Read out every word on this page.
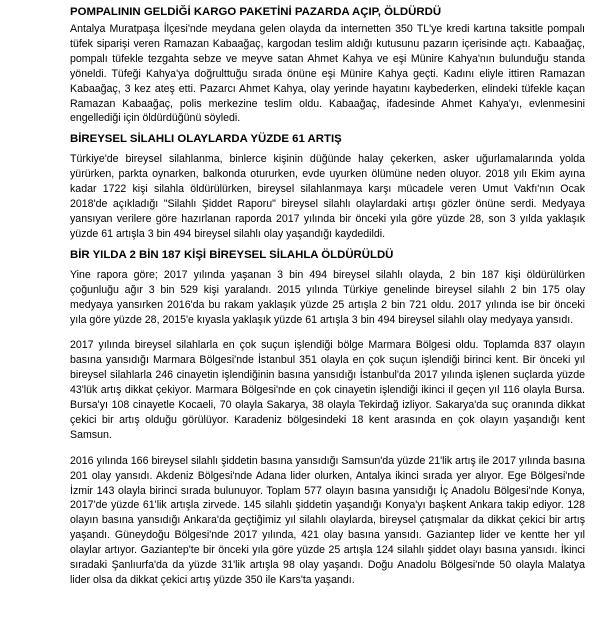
POMPALININ GELDİĞİ KARGO PAKETİNİ PAZARDA AÇIP, ÖLDÜRDÜ

Antalya Muratpaşa İlçesi'nde meydana gelen olayda da internetten 350 TL'ye kredi kartına taksitle pompalı tüfek siparişi veren Ramazan Kabaağaç, kargodan teslim aldığı kutusunu pazarın içerisinde açtı. Kabaağaç, pompalı tüfekle tezgahta sebze ve meyve satan Ahmet Kahya ve eşi Münire Kahya'nın bulunduğu standa yöneldi. Tüfeği Kahya'ya doğrulttuğu sırada önüne eşi Münire Kahya geçti. Kadını eliyle ittiren Ramazan Kabaağaç, 3 kez ateş etti. Pazarcı Ahmet Kahya, olay yerinde hayatını kaybederken, elindeki tüfekle kaçan Ramazan Kabaağaç, polis merkezine teslim oldu. Kabaağaç, ifadesinde Ahmet Kahya'yı, evlenmesini engellediği için öldürdüğünü söyledi.

BİREYSEL SİLAHLI OLAYLARDA YÜZDE 61 ARTIŞ

Türkiye'de bireysel silahlanma, binlerce kişinin düğünde halay çekerken, asker uğurlamalarında yolda yürürken, parkta oynarken, balkonda otururken, evde uyurken ölümüne neden oluyor. 2018 yılı Ekim ayına kadar 1722 kişi silahla öldürülürken, bireysel silahlanmaya karşı mücadele veren Umut Vakfı'nın Ocak 2018'de açıkladığı "Silahlı Şiddet Raporu" bireysel silahlı olaylardaki artışı gözler önüne serdi. Medyaya yansıyan verilere göre hazırlanan raporda 2017 yılında bir önceki yıla göre yüzde 28, son 3 yılda yaklaşık yüzde 61 artışla 3 bin 494 bireysel silahlı olay yaşandığı kaydedildi.

BİR YILDA 2 BİN 187 KİŞİ BİREYSEL SİLAHLA ÖLDÜRÜLDÜ

Yine rapora göre; 2017 yılında yaşanan 3 bin 494 bireysel silahlı olayda, 2 bin 187 kişi öldürülürken çoğunluğu ağır 3 bin 529 kişi yaralandı. 2015 yılında Türkiye genelinde bireysel silahlı 2 bin 175 olay medyaya yansırken 2016'da bu rakam yaklaşık yüzde 25 artışla 2 bin 721 oldu. 2017 yılında ise bir önceki yıla göre yüzde 28, 2015'e kıyasla yaklaşık yüzde 61 artışla 3 bin 494 bireysel silahlı olay medyaya yansıdı.

2017 yılında bireysel silahlarla en çok suçun işlendiği bölge Marmara Bölgesi oldu. Toplamda 837 olayın basına yansıdığı Marmara Bölgesi'nde İstanbul 351 olayla en çok suçun işlendiği birinci kent. Bir önceki yıl bireysel silahlarla 246 cinayetin işlendiğinin basına yansıdığı İstanbul'da 2017 yılında işlenen suçlarda yüzde 43'lük artış dikkat çekiyor. Marmara Bölgesi'nde en çok cinayetin işlendiği ikinci il geçen yıl 116 olayla Bursa. Bursa'yı 108 cinayetle Kocaeli, 70 olayla Sakarya, 38 olayla Tekirdağ izliyor. Sakarya'da suç oranında dikkat çekici bir artış olduğu görülüyor. Karadeniz bölgesindeki 18 kent arasında en çok olayın yaşandığı kent Samsun.

2016 yılında 166 bireysel silahlı şiddetin basına yansıdığı Samsun'da yüzde 21'lik artış ile 2017 yılında basına 201 olay yansıdı. Akdeniz Bölgesi'nde Adana lider olurken, Antalya ikinci sırada yer alıyor. Ege Bölgesi'nde İzmir 143 olayla birinci sırada bulunuyor. Toplam 577 olayın basına yansıdığı İç Anadolu Bölgesi'nde Konya, 2017'de yüzde 61'lik artışla zirvede. 145 silahlı şiddetin yaşandığı Konya'yı başkent Ankara takip ediyor. 128 olayın basına yansıdığı Ankara'da geçtiğimiz yıl silahlı olaylarda, bireysel çatışmalar da dikkat çekici bir artış yaşandı. Güneydoğu Bölgesi'nde 2017 yılında, 421 olay basına yansıdı. Gaziantep lider ve kentte her yıl olaylar artıyor. Gaziantep'te bir önceki yıla göre yüzde 25 artışla 124 silahlı şiddet olayı basına yansıdı. İkinci sıradaki Şanlıurfa'da da yüzde 31'lik artışla 98 olay yaşandı. Doğu Anadolu Bölgesi'nde 50 olayla Malatya lider olsa da dikkat çekici artış yüzde 350 ile Kars'ta yaşandı.
